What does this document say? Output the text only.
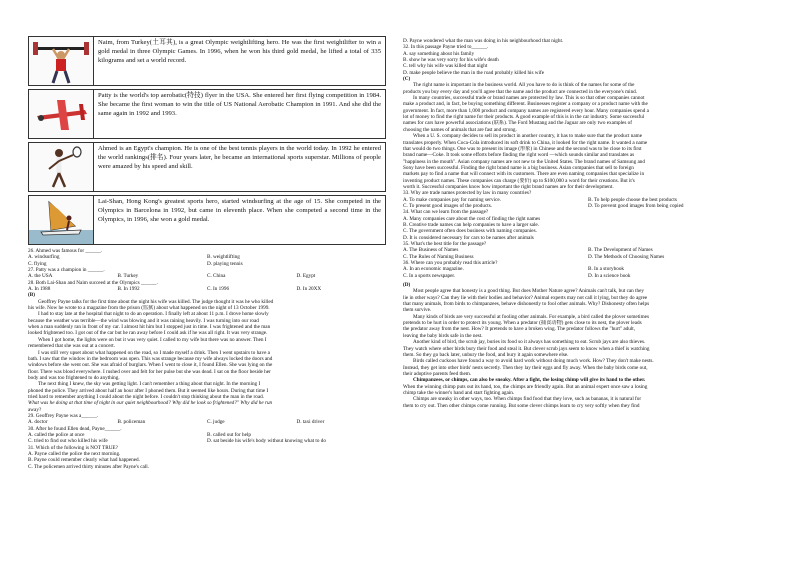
Naim, from Turkey(土耳其), is a great Olympic weightlifting hero. He was the first weightlifter to win a gold medal in three Olympic Games. In 1996, when he won his third gold medal, he lifted a total of 335 kilograms and set a world record.
Patty is the world's top aerobatic(特技) flyer in the USA. She entered her first flying competition in 1984. She became the first woman to win the title of US National Aerobatic Champion in 1991. And she did the same again in 1992 and 1993.
Ahmed is an Egypt's champion. He is one of the best tennis players in the world today. In 1992 he entered the world rankings(排名). Four years later, he became an international sports superstar. Millions of people were amazed by his speed and skill.
Lai-Shan, Hong Kong's greatest sports hero, started windsurfing at the age of 15. She competed in the Olympics in Barcelona in 1992, but came in eleventh place. When she competed a second time in the Olympics, in 1996, she won a gold medal.
26. Ahmed was famous for ______.
A. windsurfing	B. weightlifting
C. flying	D. playing tennis
27. Patty was a champion in ______.
A. the USA	B. Turkey	C. China	D. Egypt
28. Both Lai-Shan and Naim succeed at the Olympics ______.
A. In 1988	B. In 1992	C. In 1996	D. In 20XX
(B)
Geoffrey Payne talks for the first time about the night his wife was killed. The judge thought it was he who killed
his wife. Now he wrote to a magazine from the prison (监狱) about what happened on the night of 13 October 1999.
I had to stay late at the hospital that night to do an operation. I finally left at about 11 p.m. I drove home slowly
because the weather was terrible—the wind was blowing and it was raining heavily. I was turning into our road
when a man suddenly ran in front of my car. I almost hit him but I stopped just in time. I was frightened and the man
looked frightened too. I got out of the car but he ran away before I could ask if he was all right. It was very strange.
When I got home, the lights were on but it was very quiet. I called to my wife but there was no answer. Then I
remembered that she was out at a concert.
I was still very upset about what happened on the road, so I made myself a drink. Then I went upstairs to have a
bath. I saw that the window in the bedroom was open. This was strange because my wife always locked the doors and
windows before she went out. She was afraid of burglars. When I went to close it, I found Ellen. She was lying on the
floor. There was blood everywhere. I rushed over and felt for her pulse but she was dead. I sat on the floor beside her
body and was too frightened to do anything.
The next thing I knew, the sky was getting light. I can't remember a thing about that night. In the morning I
phoned the police. They arrived about half an hour after I phoned them. But it seemed like hours. During that time I
tried hard to remember anything I could about the night before. I couldn't stop thinking about the man in the road.
What was he doing at that time of night in our quiet neighbourhood? Why did he look so frightened?" Why did he run
away?
29. Geoffrey Payne was a______.
A. doctor	B. policeman	C. judge	D. taxi driver
30. After he found Ellen dead, Payne______.
A. called the police at once	B. called out for help
C. tried to find out who killed his wife	D. sat beside his wife's body without knowing what to do
31. Which of the following is NOT TRUE?
A. Payne called the police the next morning.
B. Payne could remember clearly what had happened.
C. The policemen arrived thirty minutes after Payne's call.
D. Payne wondered what the man was doing in his neighbourhood that night.
32. In this passage Payne tried to______.
A. say something about his family
B. show he was very sorry for his wife's death
C. tell why his wife was killed that night
D. make people believe the man in the road probably killed his wife
(C)
The right name is important in the business world. All you have to do is think of the names for some of the
products you buy every day and you'll agree that the name and the product are connected in the everyone's mind.
In many countries, successful trade or brand names are protected by law. This is so that other companies cannot
make a product and, in fact, be buying something different. Businesses register a company or a product name with the
government. In fact, more than 1,000 product and company names are registered every hour. Many companies spend a
lot of money to find the right name for their products. A good example of this is in the car industry. Some successful
names for cars have powerful associations (联系). The Ford Mustang and the Jaguar are only two examples of
choosing the names of animals that are fast and strong.
When a U. S. company decides to sell its product in another country, it has to make sure that the product name
translates properly. When Coca-Cola introduced its soft drink to China, it looked for the right name. It wanted a name
that would do two things. One was to present its image (形象) in Chinese and the second was to be close to its first
brand name—Coke. It took some efforts before finding the right word —which sounds similar and translates as
"happiness in the mouth". Asian company names are not new to the United States. The brand names of Samsung and
Sony have been successful. Finding the right brand name is a big business. Asian companies that sell to foreign
markets pay to find a name that will connect with its customers. There are even naming companies that specialize in
inventing product names. These companies can charge (要价) up to $100,000 a word for their creations. But it's
worth it. Successful companies know how important the right brand names are for their development.
33. Why are trade names protected by law in many countries?
A. To make companies pay for naming service.	B. To help people choose the best products
C. To present good images of the products.	D. To prevent good images from being copied
34. What can we learn from the passage?
A. Many companies care about the cost of finding the right names
B. Creative trade names can help companies to have a larger sale.
C. The government often does business with naming companies.
D. It is considered necessary for cars to be names after animals
35. What's the best title for the passage?
A. The Business of Names	B. The Development of Names
C. The Rules of Naming Business	D. The Methods of Choosing Names
36. Where can you probably read this article?
A. In an economic magazine.	B. In a storybook
C. In a sports newspaper.	D. In a science book
(D)
Most people agree that honesty is a good thing. But does Mother Nature agree? Animals can't talk, but can they
lie in other ways? Can they lie with their bodies and behavior? Animal experts may not call it lying, but they do agree
that many animals, from birds to chimpanzees, behave dishonestly to fool other animals. Why? Dishonesty often helps
them survive.
Many kinds of birds are very successful at fooling other animals. For example, a bird called the plover sometimes
pretends to be hurt in order to protect its young. When a predator (捕食动物) gets close to its nest, the plover leads
the predator away from the nest. How? It pretends to have a broken wing. The predator follows the "hurt" adult,
leaving the baby birds safe in the nest.
Another kind of bird, the scrub jay, buries its food so it always has something to eat. Scrub jays are also thieves.
They watch where other birds bury their food and steal it. But clever scrub jays seem to know when a thief is watching
them. So they go back later, unbury the food, and bury it again somewhere else.
Birds called cuckoos have found a way to avoid hard work without doing much work. How? They don't make nests.
Instead, they get into other birds' nests secretly. Then they lay their eggs and fly away. When the baby birds come out,
their adoptive parents feed them.
Chimpanzees, or chimps, can also be sneaky. After a fight, the losing chimp will give its hand to the other.
When the winning chimp puts out its hand, too, the chimps are friendly again. But an animal expert once saw a losing
chimp take the winner's hand and start fighting again.
Chimps are sneaky in other ways, too. When chimps find food that they love, such as bananas, it is natural for
them to cry out. Then other chimps come running. But some clever chimps learn to cry very softly when they find
